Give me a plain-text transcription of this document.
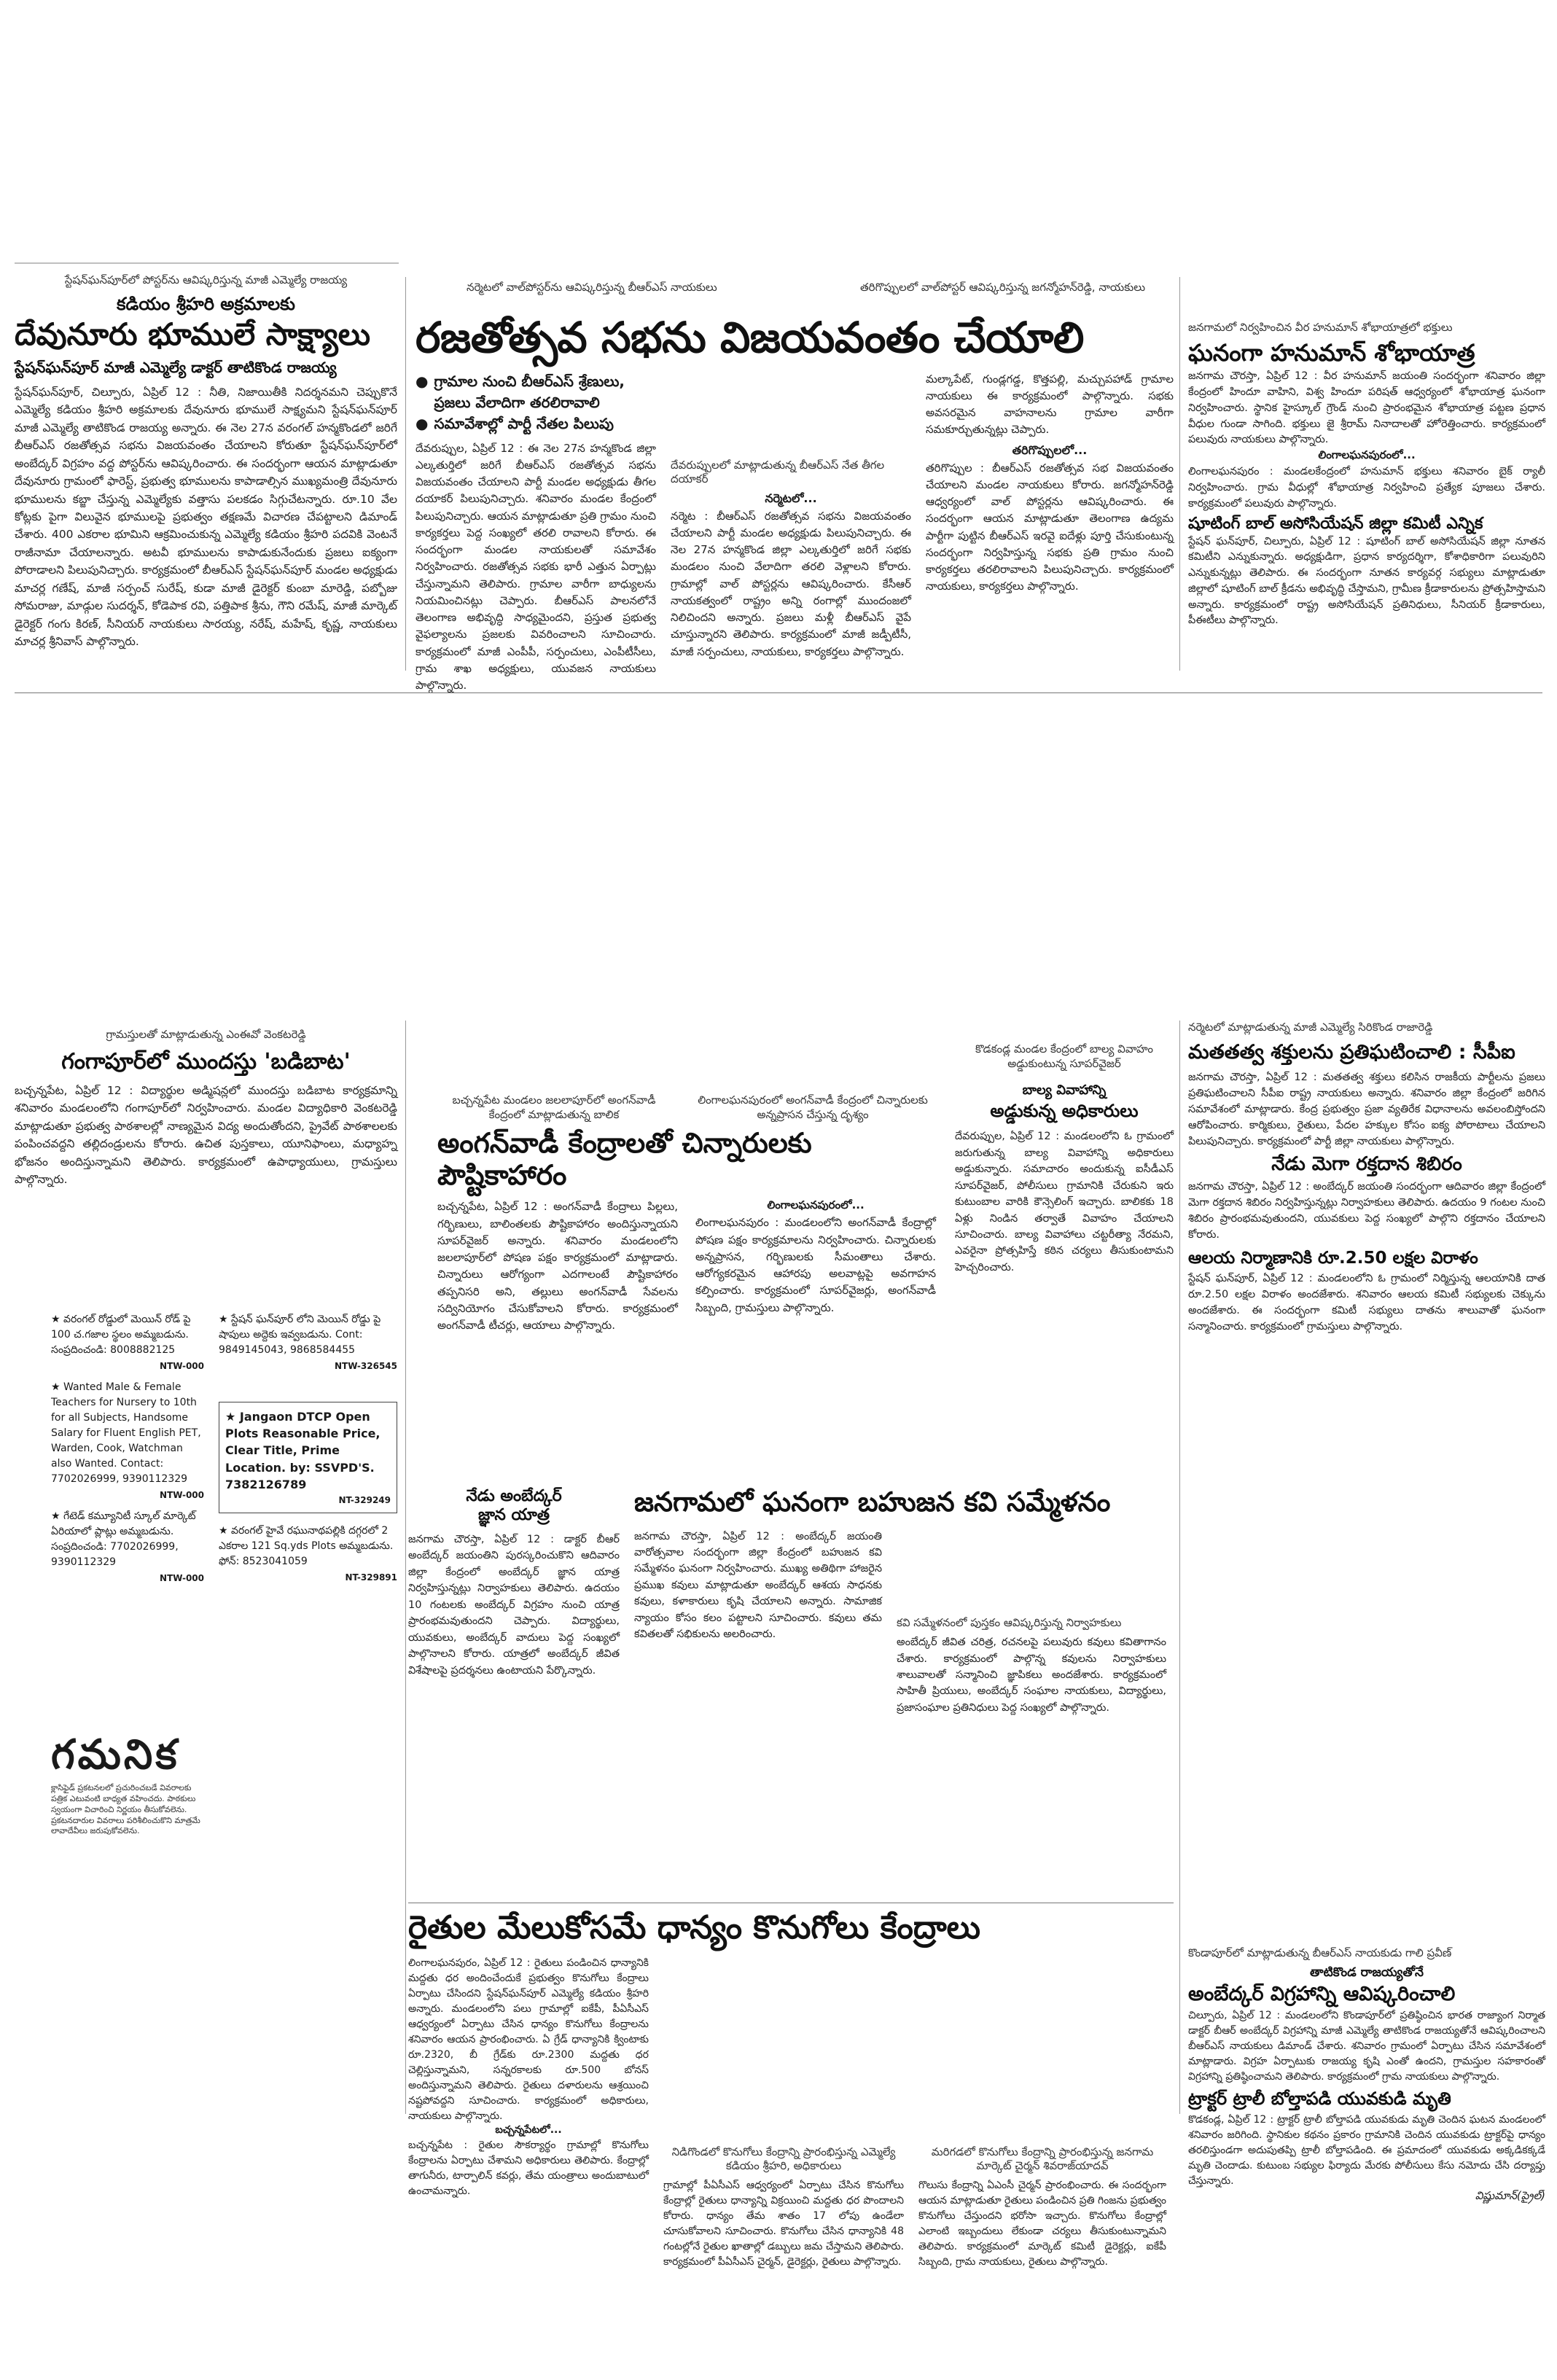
స్టేషన్‌ఘన్‌పూర్‌లో పోస్టర్‌ను ఆవిష్కరిస్తున్న మాజీ ఎమ్మెల్యే రాజయ్య
కడియం శ్రీహరి అక్రమాలకు
దేవునూరు భూములే సాక్ష్యాలు
స్టేషన్‌ఘన్‌పూర్ మాజీ ఎమ్మెల్యే డాక్టర్ తాటికొండ రాజయ్య
స్టేషన్‌ఘన్‌పూర్, చిల్పూరు, ఏప్రిల్ 12 : నీతి, నిజాయితీకి నిదర్శనమని చెప్పుకొనే ఎమ్మెల్యే కడియం శ్రీహరి అక్రమాలకు దేవునూరు భూములే సాక్ష్యమని స్టేషన్‌ఘన్‌పూర్ మాజీ ఎమ్మెల్యే తాటికొండ రాజయ్య అన్నారు. ఈ నెల 27న వరంగల్ హన్మకొండలో జరిగే బీఆర్‌ఎస్ రజతోత్సవ సభను విజయవంతం చేయాలని కోరుతూ స్టేషన్‌ఘన్‌పూర్‌లో అంబేద్కర్ విగ్రహం వద్ద పోస్టర్‌ను ఆవిష్కరించారు. ఈ సందర్భంగా ఆయన మాట్లాడుతూ దేవునూరు గ్రామంలో ఫారెస్ట్, ప్రభుత్వ భూములను కాపాడాల్సిన ముఖ్యమంత్రి దేవునూరు భూములను కబ్జా చేస్తున్న ఎమ్మెల్యేకు వత్తాసు పలకడం సిగ్గుచేటన్నారు. రూ.10 వేల కోట్లకు పైగా విలువైన భూములపై ప్రభుత్వం తక్షణమే విచారణ చేపట్టాలని డిమాండ్ చేశారు. 400 ఎకరాల భూమిని ఆక్రమించుకున్న ఎమ్మెల్యే కడియం శ్రీహరి పదవికి వెంటనే రాజీనామా చేయాలన్నారు. అటవీ భూములను కాపాడుకునేందుకు ప్రజలు ఐక్యంగా పోరాడాలని పిలుపునిచ్చారు. కార్యక్రమంలో బీఆర్‌ఎస్ స్టేషన్‌ఘన్‌పూర్ మండల అధ్యక్షుడు మాచర్ల గణేష్, మాజీ సర్పంచ్ సురేష్, కుడా మాజీ డైరెక్టర్ కుం‌బా మారెడ్డి, పబ్బోజు సోమరాజు, మాడ్గుల సుదర్శన్, కోడెపాక రవి, పత్తిపాక శ్రీను, గౌని రమేష్, మాజీ మార్కెట్ డైరెక్టర్ గంగు కిరణ్, సీనియర్ నాయకులు సారయ్య, నరేష్, మహేష్, కృష్ణ, నాయకులు మాచర్ల శ్రీనివాస్ పాల్గొన్నారు.
నర్మెటలో వాల్‌పోస్టర్‌ను ఆవిష్కరిస్తున్న బీఆర్‌ఎస్ నాయకులు	తరిగొప్పులలో వాల్‌పోస్టర్ ఆవిష్కరిస్తున్న జగన్మోహన్‌రెడ్డి, నాయకులు
రజతోత్సవ సభను విజయవంతం చేయాలి
● గ్రామాల నుంచి బీఆర్‌ఎస్ శ్రేణులు, ప్రజలు వేలాదిగా తరలిరావాలి
● సమావేశాల్లో పార్టీ నేతల పిలుపు
దేవరుప్పుల, ఏప్రిల్ 12 : ఈ నెల 27న హన్మకొండ జిల్లా ఎల్కతుర్తిలో జరిగే బీఆర్‌ఎస్ రజతోత్సవ సభను విజయవంతం చేయాలని పార్టీ మండల అధ్యక్షుడు తీగల దయాకర్ పిలుపునిచ్చారు. శనివారం మండల కేంద్రంలో పిలుపునిచ్చారు. ఆయన మాట్లాడుతూ ప్రతి గ్రామం నుంచి కార్యకర్తలు పెద్ద సంఖ్యలో తరలి రావాలని కోరారు. ఈ సందర్భంగా మండల నాయకులతో సమావేశం నిర్వహించారు. రజతోత్సవ సభకు భారీ ఎత్తున ఏర్పాట్లు చేస్తున్నామని తెలిపారు. గ్రామాల వారీగా బాధ్యులను నియమించినట్లు చెప్పారు. బీఆర్‌ఎస్ పాలనలోనే తెలంగాణ అభివృద్ధి సాధ్యమైందని, ప్రస్తుత ప్రభుత్వ వైఫల్యాలను ప్రజలకు వివరించాలని సూచించారు. కార్యక్రమంలో మాజీ ఎంపీపీ, సర్పంచులు, ఎంపీటీసీలు, గ్రామ శాఖ అధ్యక్షులు, యువజన నాయకులు పాల్గొన్నారు.
దేవరుప్పులలో మాట్లాడుతున్న బీఆర్‌ఎస్ నేత తీగల దయాకర్
నర్మెటలో...
నర్మెట : బీఆర్‌ఎస్ రజతోత్సవ సభను విజయవంతం చేయాలని పార్టీ మండల అధ్యక్షుడు పిలుపునిచ్చారు. ఈ నెల 27న హన్మకొండ జిల్లా ఎల్కతుర్తిలో జరిగే సభకు మండలం నుంచి వేలాదిగా తరలి వెళ్లాలని కోరారు. గ్రామాల్లో వాల్ పోస్టర్లను ఆవిష్కరించారు. కేసీఆర్ నాయకత్వంలో రాష్ట్రం అన్ని రంగాల్లో ముందంజలో నిలిచిందని అన్నారు. ప్రజలు మళ్లీ బీఆర్‌ఎస్ వైపే చూస్తున్నారని తెలిపారు. కార్యక్రమంలో మాజీ జడ్పీటీసీ, మాజీ సర్పంచులు, నాయకులు, కార్యకర్తలు పాల్గొన్నారు.
మల్కాపేట్, గుండ్లగడ్డ, కొత్తపల్లి, మచ్చుపహాడ్ గ్రామాల నాయకులు ఈ కార్యక్రమంలో పాల్గొన్నారు. సభకు అవసరమైన వాహనాలను గ్రామాల వారీగా సమకూర్చుతున్నట్లు చెప్పారు.
తరిగొప్పులలో...
తరిగొప్పుల : బీఆర్‌ఎస్ రజతోత్సవ సభ విజయవంతం చేయాలని మండల నాయకులు కోరారు. జగన్మోహన్‌రెడ్డి ఆధ్వర్యంలో వాల్ పోస్టర్లను ఆవిష్కరించారు. ఈ సందర్భంగా ఆయన మాట్లాడుతూ తెలంగాణ ఉద్యమ పార్టీగా పుట్టిన బీఆర్‌ఎస్ ఇరవై ఐదేళ్లు పూర్తి చేసుకుంటున్న సందర్భంగా నిర్వహిస్తున్న సభకు ప్రతి గ్రామం నుంచి కార్యకర్తలు తరలిరావాలని పిలుపునిచ్చారు. కార్యక్రమంలో నాయకులు, కార్యకర్తలు పాల్గొన్నారు.
జనగామలో నిర్వహించిన వీర హనుమాన్ శోభాయాత్రలో భక్తులు
ఘనంగా హనుమాన్ శోభాయాత్ర
జనగామ చౌరస్తా, ఏప్రిల్ 12 : వీర హనుమాన్ జయంతి సందర్భంగా శనివారం జిల్లా కేంద్రంలో హిందూ వాహిని, విశ్వ హిందూ పరిషత్ ఆధ్వర్యంలో శోభాయాత్ర ఘనంగా నిర్వహించారు. స్థానిక హైస్కూల్ గ్రౌండ్ నుంచి ప్రారంభమైన శోభాయాత్ర పట్టణ ప్రధాన వీధుల గుండా సాగింది. భక్తులు జై శ్రీరామ్ నినాదాలతో హోరెత్తించారు. కార్యక్రమంలో పలువురు నాయకులు పాల్గొన్నారు.
లింగాలఘనపురంలో...
లింగాలఘనపురం : మండలకేంద్రంలో హనుమాన్ భక్తులు శనివారం బైక్ ర్యాలీ నిర్వహించారు. గ్రామ వీధుల్లో శోభాయాత్ర నిర్వహించి ప్రత్యేక పూజలు చేశారు. కార్యక్రమంలో పలువురు పాల్గొన్నారు.
షూటింగ్ బాల్ అసోసియేషన్ జిల్లా కమిటీ ఎన్నిక
స్టేషన్ ఘన్‌పూర్, చిల్పూరు, ఏప్రిల్ 12 : షూటింగ్ బాల్ అసోసియేషన్ జిల్లా నూతన కమిటీని ఎన్నుకున్నారు. అధ్యక్షుడిగా, ప్రధాన కార్యదర్శిగా, కోశాధికారిగా పలువురిని ఎన్నుకున్నట్లు తెలిపారు. ఈ సందర్భంగా నూతన కార్యవర్గ సభ్యులు మాట్లాడుతూ జిల్లాలో షూటింగ్ బాల్ క్రీడను అభివృద్ధి చేస్తామని, గ్రామీణ క్రీడాకారులను ప్రోత్సహిస్తామని అన్నారు. కార్యక్రమంలో రాష్ట్ర అసోసియేషన్ ప్రతినిధులు, సీనియర్ క్రీడాకారులు, పీఈటీలు పాల్గొన్నారు.
గ్రామస్తులతో మాట్లాడుతున్న ఎంఈవో వెంకటరెడ్డి
గంగాపూర్‌లో ముందస్తు 'బడిబాట'
బచ్చన్నపేట, ఏప్రిల్ 12 : విద్యార్థుల అడ్మిషన్లలో ముందస్తు బడిబాట కార్యక్రమాన్ని శనివారం మండలంలోని గంగాపూర్‌లో నిర్వహించారు. మండల విద్యాధికారి వెంకటరెడ్డి మాట్లాడుతూ ప్రభుత్వ పాఠశాలల్లో నాణ్యమైన విద్య అందుతోందని, ప్రైవేట్ పాఠశాలలకు పంపించవద్దని తల్లిదండ్రులను కోరారు. ఉచిత పుస్తకాలు, యూనిఫాంలు, మధ్యాహ్న భోజనం అందిస్తున్నామని తెలిపారు. కార్యక్రమంలో ఉపాధ్యాయులు, గ్రామస్తులు పాల్గొన్నారు.
బచ్చన్నపేట మండలం జలలాపూర్‌లో అంగన్‌వాడీ కేంద్రంలో మాట్లాడుతున్న బాలిక
లింగాలఘనపురంలో అంగన్‌వాడీ కేంద్రంలో చిన్నారులకు అన్నప్రాసన చేస్తున్న దృశ్యం
అంగన్‌వాడీ కేంద్రాలతో చిన్నారులకు పౌష్టికాహారం
బచ్చన్నపేట, ఏప్రిల్ 12 : అంగన్‌వాడీ కేంద్రాలు పిల్లలు, గర్భిణులు, బాలింతలకు పౌష్టికాహారం అందిస్తున్నాయని సూపర్‌వైజర్ అన్నారు. శనివారం మండలంలోని జలలాపూర్‌లో పోషణ పక్షం కార్యక్రమంలో మాట్లాడారు. చిన్నారులు ఆరోగ్యంగా ఎదగాలంటే పౌష్టికాహారం తప్పనిసరి అని, తల్లులు అంగన్‌వాడీ సేవలను సద్వినియోగం చేసుకోవాలని కోరారు. కార్యక్రమంలో అంగన్‌వాడీ టీచర్లు, ఆయాలు పాల్గొన్నారు.
లింగాలఘనపురంలో...
లింగాలఘనపురం : మండలంలోని అంగన్‌వాడీ కేంద్రాల్లో పోషణ పక్షం కార్యక్రమాలను నిర్వహించారు. చిన్నారులకు అన్నప్రాసన, గర్భిణులకు సీమంతాలు చేశారు. ఆరోగ్యకరమైన ఆహారపు అలవాట్లపై అవగాహన కల్పించారు. కార్యక్రమంలో సూపర్‌వైజర్లు, అంగన్‌వాడీ సిబ్బంది, గ్రామస్తులు పాల్గొన్నారు.
కొడకండ్ల మండల కేంద్రంలో బాల్య వివాహం అడ్డుకుంటున్న సూపర్‌వైజర్
బాల్య వివాహాన్ని
అడ్డుకున్న అధికారులు
దేవరుప్పుల, ఏప్రిల్ 12 : మండలంలోని ఓ గ్రామంలో జరుగుతున్న బాల్య వివాహాన్ని అధికారులు అడ్డుకున్నారు. సమాచారం అందుకున్న ఐసీడీఎస్ సూపర్‌వైజర్, పోలీసులు గ్రామానికి చేరుకుని ఇరు కుటుంబాల వారికి కౌన్సెలింగ్ ఇచ్చారు. బాలికకు 18 ఏళ్లు నిండిన తర్వాతే వివాహం చేయాలని సూచించారు. బాల్య వివాహాలు చట్టరీత్యా నేరమని, ఎవరైనా ప్రోత్సహిస్తే కఠిన చర్యలు తీసుకుంటామని హెచ్చరించారు.
నర్మెటలో మాట్లాడుతున్న మాజీ ఎమ్మెల్యే సిరికొండ రాజారెడ్డి
మతతత్వ శక్తులను ప్రతిఘటించాలి : సీపీఐ
జనగామ చౌరస్తా, ఏప్రిల్ 12 : మతతత్వ శక్తులు కలిసిన రాజకీయ పార్టీలను ప్రజలు ప్రతిఘటించాలని సీపీఐ రాష్ట్ర నాయకులు అన్నారు. శనివారం జిల్లా కేంద్రంలో జరిగిన సమావేశంలో మాట్లాడారు. కేంద్ర ప్రభుత్వం ప్రజా వ్యతిరేక విధానాలను అవలంబిస్తోందని ఆరోపించారు. కార్మికులు, రైతులు, పేదల హక్కుల కోసం ఐక్య పోరాటాలు చేయాలని పిలుపునిచ్చారు. కార్యక్రమంలో పార్టీ జిల్లా నాయకులు పాల్గొన్నారు.
నేడు మెగా రక్తదాన శిబిరం
జనగామ చౌరస్తా, ఏప్రిల్ 12 : అంబేద్కర్ జయంతి సందర్భంగా ఆదివారం జిల్లా కేంద్రంలో మెగా రక్తదాన శిబిరం నిర్వహిస్తున్నట్లు నిర్వాహకులు తెలిపారు. ఉదయం 9 గంటల నుంచి శిబిరం ప్రారంభమవుతుందని, యువకులు పెద్ద సంఖ్యలో పాల్గొని రక్తదానం చేయాలని కోరారు.
ఆలయ నిర్మాణానికి రూ.2.50 లక్షల విరాళం
స్టేషన్ ఘన్‌పూర్, ఏప్రిల్ 12 : మండలంలోని ఓ గ్రామంలో నిర్మిస్తున్న ఆలయానికి దాత రూ.2.50 లక్షల విరాళం అందజేశారు. శనివారం ఆలయ కమిటీ సభ్యులకు చెక్కును అందజేశారు. ఈ సందర్భంగా కమిటీ సభ్యులు దాతను శాలువాతో ఘనంగా సన్మానించారు. కార్యక్రమంలో గ్రామస్తులు పాల్గొన్నారు.
★ వరంగల్ రోడ్డులో మెయిన్ రోడ్ పై 100 చ.గజాల స్థలం అమ్మబడును. సంప్రదించండి: 8008882125
NTW-000
★ Wanted Male & Female Teachers for Nursery to 10th for all Subjects, Handsome Salary for Fluent English PET, Warden, Cook, Watchman also Wanted. Contact: 7702026999, 9390112329
NTW-000
★ గేటెడ్ కమ్యూనిటీ స్కూల్ మార్కెట్ ఏరియాలో ప్లాట్లు అమ్మబడును. సంప్రదించండి: 7702026999, 9390112329
NTW-000
★ స్టేషన్ ఘన్‌పూర్ లోని మెయిన్ రోడ్డు పై షాపులు అద్దెకు ఇవ్వబడును. Cont: 9849145043, 9868584455
NTW-326545
★ Jangaon DTCP Open Plots Reasonable Price, Clear Title, Prime Location. by: SSVPD'S. 7382126789
NT-329249
★ వరంగల్ హైవే రఘునాథపల్లికి దగ్గరలో 2 ఎకరాల 121 Sq.yds Plots అమ్మబడును. ఫోన్: 8523041059
NT-329891
గమనిక
క్లాసిఫైడ్ ప్రకటనలలో ప్రచురించబడే వివరాలకు పత్రిక ఎటువంటి బాధ్యత వహించదు. పాఠకులు స్వయంగా విచారించి నిర్ణయం తీసుకోవలెను. ప్రకటనదారుల వివరాలు పరిశీలించుకొని మాత్రమే లావాదేవీలు జరుపుకోవలెను.
నేడు అంబేద్కర్
జ్ఞాన యాత్ర
జనగామ చౌరస్తా, ఏప్రిల్ 12 : డాక్టర్ బీఆర్ అంబేద్కర్ జయంతిని పురస్కరించుకొని ఆదివారం జిల్లా కేంద్రంలో అంబేద్కర్ జ్ఞాన యాత్ర నిర్వహిస్తున్నట్లు నిర్వాహకులు తెలిపారు. ఉదయం 10 గంటలకు అంబేద్కర్ విగ్రహం నుంచి యాత్ర ప్రారంభమవుతుందని చెప్పారు. విద్యార్థులు, యువకులు, అంబేద్కర్ వాదులు పెద్ద సంఖ్యలో పాల్గొనాలని కోరారు. యాత్రలో అంబేద్కర్ జీవిత విశేషాలపై ప్రదర్శనలు ఉంటాయని పేర్కొన్నారు.
జనగామలో ఘనంగా బహుజన కవి సమ్మేళనం
జనగామ చౌరస్తా, ఏప్రిల్ 12 : అంబేద్కర్ జయంతి వారోత్సవాల సందర్భంగా జిల్లా కేంద్రంలో బహుజన కవి సమ్మేళనం ఘనంగా నిర్వహించారు. ముఖ్య అతిథిగా హాజరైన ప్రముఖ కవులు మాట్లాడుతూ అంబేద్కర్ ఆశయ సాధనకు కవులు, కళాకారులు కృషి చేయాలని అన్నారు. సామాజిక న్యాయం కోసం కలం పట్టాలని సూచించారు. కవులు తమ కవితలతో సభికులను అలరించారు.
కవి సమ్మేళనంలో పుస్తకం ఆవిష్కరిస్తున్న నిర్వాహకులు
అంబేద్కర్ జీవిత చరిత్ర, రచనలపై పలువురు కవులు కవితాగానం చేశారు. కార్యక్రమంలో పాల్గొన్న కవులను నిర్వాహకులు శాలువాలతో సన్మానించి జ్ఞాపికలు అందజేశారు. కార్యక్రమంలో సాహితీ ప్రియులు, అంబేద్కర్ సంఘాల నాయకులు, విద్యార్థులు, ప్రజాసంఘాల ప్రతినిధులు పెద్ద సంఖ్యలో పాల్గొన్నారు.
కొండాపూర్‌లో మాట్లాడుతున్న బీఆర్‌ఎస్ నాయకుడు గాలి ప్రవీణ్
తాటికొండ రాజయ్యతోనే
అంబేద్కర్ విగ్రహాన్ని ఆవిష్కరించాలి
చిల్పూరు, ఏప్రిల్ 12 : మండలంలోని కొండాపూర్‌లో ప్రతిష్ఠించిన భారత రాజ్యాంగ నిర్మాత డాక్టర్ బీఆర్ అంబేద్కర్ విగ్రహాన్ని మాజీ ఎమ్మెల్యే తాటికొండ రాజయ్యతోనే ఆవిష్కరించాలని బీఆర్‌ఎస్ నాయకులు డిమాండ్ చేశారు. శనివారం గ్రామంలో ఏర్పాటు చేసిన సమావేశంలో మాట్లాడారు. విగ్రహ ఏర్పాటుకు రాజయ్య కృషి ఎంతో ఉందని, గ్రామస్తుల సహకారంతో విగ్రహాన్ని ప్రతిష్ఠించామని తెలిపారు. కార్యక్రమంలో గ్రామ నాయకులు పాల్గొన్నారు.
ట్రాక్టర్ ట్రాలీ బోల్తాపడి యువకుడి మృతి
కొడకండ్ల, ఏప్రిల్ 12 : ట్రాక్టర్ ట్రాలీ బోల్తాపడి యువకుడు మృతి చెందిన ఘటన మండలంలో శనివారం జరిగింది. స్థానికుల కథనం ప్రకారం గ్రామానికి చెందిన యువకుడు ట్రాక్టర్‌పై ధాన్యం తరలిస్తుండగా అదుపుతప్పి ట్రాలీ బోల్తాపడింది. ఈ ప్రమాదంలో యువకుడు అక్కడికక్కడే మృతి చెందాడు. కుటుంబ సభ్యుల ఫిర్యాదు మేరకు పోలీసులు కేసు నమోదు చేసి దర్యాప్తు చేస్తున్నారు.
విష్ణుమాన్(ప్రైల్)
రైతుల మేలుకోసమే ధాన్యం కొనుగోలు కేంద్రాలు
లింగాలఘనపురం, ఏప్రిల్ 12 : రైతులు పండించిన ధాన్యానికి మద్దతు ధర అందించేందుకే ప్రభుత్వం కొనుగోలు కేంద్రాలు ఏర్పాటు చేసిందని స్టేషన్‌ఘన్‌పూర్ ఎమ్మెల్యే కడియం శ్రీహరి అన్నారు. మండలంలోని పలు గ్రామాల్లో ఐకేపీ, పీఏసీఎస్ ఆధ్వర్యంలో ఏర్పాటు చేసిన ధాన్యం కొనుగోలు కేంద్రాలను శనివారం ఆయన ప్రారంభించారు. ఏ గ్రేడ్ ధాన్యానికి క్వింటాకు రూ.2320, బీ గ్రేడ్‌కు రూ.2300 మద్దతు ధర చెల్లిస్తున్నామని, సన్నరకాలకు రూ.500 బోనస్ అందిస్తున్నామని తెలిపారు. రైతులు దళారులను ఆశ్రయించి నష్టపోవద్దని సూచించారు. కార్యక్రమంలో అధికారులు, నాయకులు పాల్గొన్నారు.
బచ్చన్నపేటలో...
బచ్చన్నపేట : రైతుల సౌకర్యార్థం గ్రామాల్లో కొనుగోలు కేంద్రాలను ఏర్పాటు చేశామని అధికారులు తెలిపారు. కేంద్రాల్లో తాగునీరు, టార్పాలిన్ కవర్లు, తేమ యంత్రాలు అందుబాటులో ఉంచామన్నారు.
నిడిగొండలో కొనుగోలు కేంద్రాన్ని ప్రారంభిస్తున్న ఎమ్మెల్యే కడియం శ్రీహరి, అధికారులు
గ్రామాల్లో పీఏసీఎస్ ఆధ్వర్యంలో ఏర్పాటు చేసిన కొనుగోలు కేంద్రాల్లో రైతులు ధాన్యాన్ని విక్రయించి మద్దతు ధర పొందాలని కోరారు. ధాన్యం తేమ శాతం 17 లోపు ఉండేలా చూసుకోవాలని సూచించారు. కొనుగోలు చేసిన ధాన్యానికి 48 గంటల్లోనే రైతుల ఖాతాల్లో డబ్బులు జమ చేస్తామని తెలిపారు. కార్యక్రమంలో పీఏసీఎస్ చైర్మన్, డైరెక్టర్లు, రైతులు పాల్గొన్నారు.
మరిగడలో కొనుగోలు కేంద్రాన్ని ప్రారంభిస్తున్న జనగామ మార్కెట్ చైర్మన్ శివరాజ్‌యాదవ్
గొలుసు కేంద్రాన్ని ఏఎంసీ చైర్మన్ ప్రారంభించారు. ఈ సందర్భంగా ఆయన మాట్లాడుతూ రైతులు పండించిన ప్రతి గింజను ప్రభుత్వం కొనుగోలు చేస్తుందని భరోసా ఇచ్చారు. కొనుగోలు కేంద్రాల్లో ఎలాంటి ఇబ్బందులు లేకుండా చర్యలు తీసుకుంటున్నామని తెలిపారు. కార్యక్రమంలో మార్కెట్ కమిటీ డైరెక్టర్లు, ఐకేపీ సిబ్బంది, గ్రామ నాయకులు, రైతులు పాల్గొన్నారు.
